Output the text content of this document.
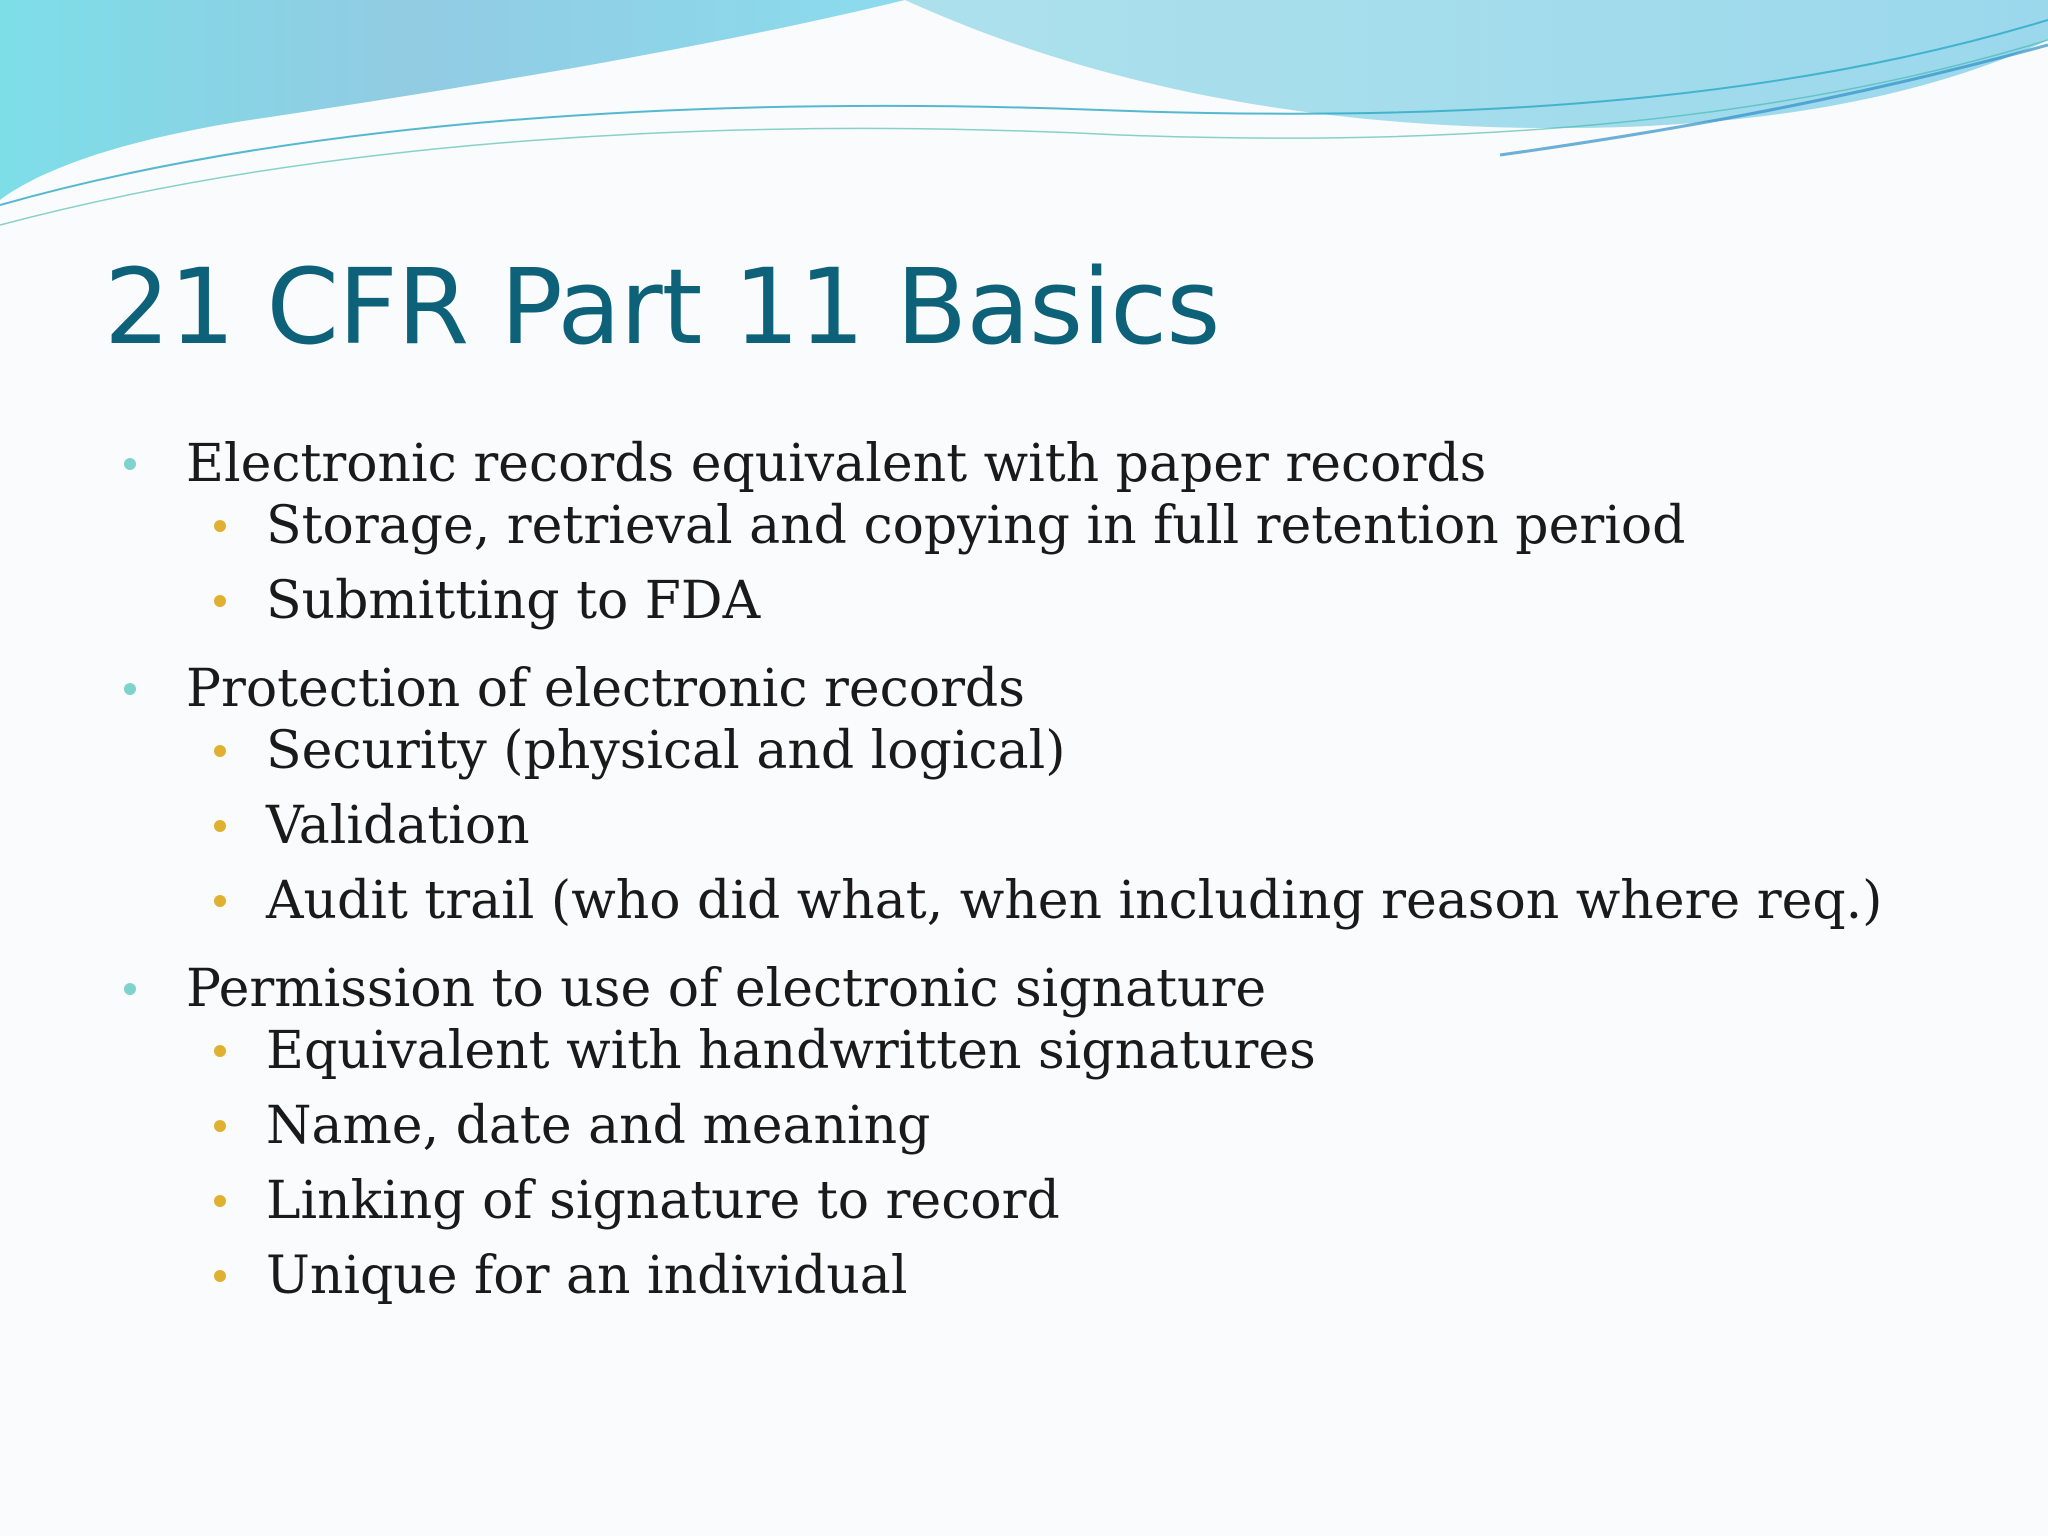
21 CFR Part 11 Basics
Electronic records equivalent with paper records
Storage, retrieval and copying in full retention period
Submitting to FDA
Protection of electronic records
Security (physical and logical)
Validation
Audit trail (who did what, when including reason where req.)
Permission to use of electronic signature
Equivalent with handwritten signatures
Name, date and meaning
Linking of signature to record
Unique for an individual
